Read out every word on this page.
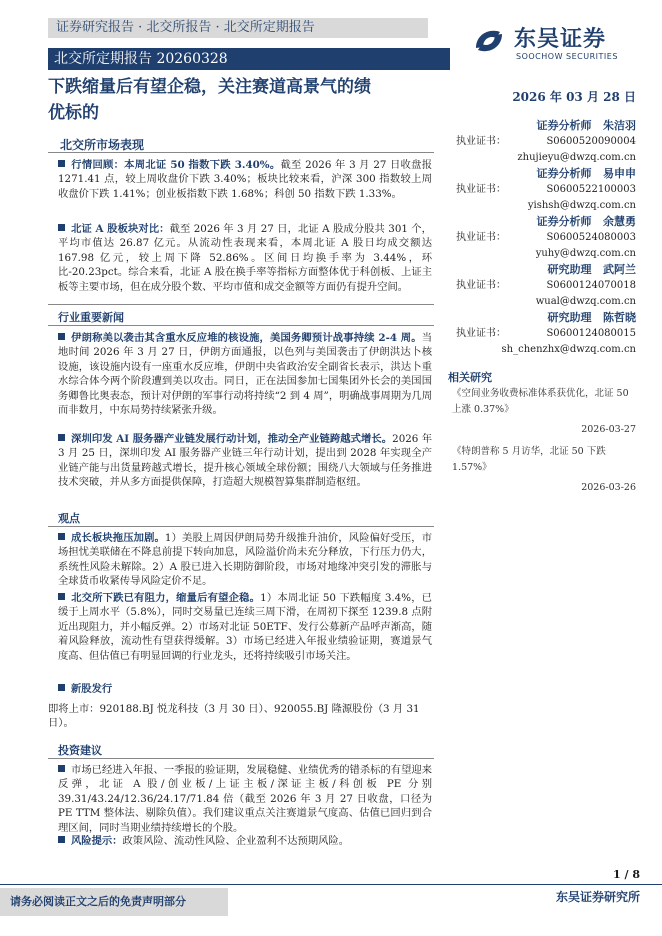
证券研究报告 · 北交所报告 · 北交所定期报告
北交所定期报告 20260328
东吴证券
SOOCHOW SECURITIES
下跌缩量后有望企稳，关注赛道高景气的绩
优标的
2026 年 03 月 28 日
北交所市场表现
行情回顾：本周北证 50 指数下跌 3.40%。截至 2026 年 3 月 27 日收盘报 1271.41 点，较上周收盘价下跌 3.40%；板块比较来看，沪深 300 指数较上周收盘价下跌 1.41%；创业板指数下跌 1.68%；科创 50 指数下跌 1.33%。
北证 A 股板块对比：截至 2026 年 3 月 27 日，北证 A 股成分股共 301 个，平均市值达 26.87 亿元。从流动性表现来看，本周北证 A 股日均成交额达 167.98 亿元，较上周下降 52.86%。区间日均换手率为 3.44%，环比-20.23pct。综合来看，北证 A 股在换手率等指标方面整体优于科创板、上证主板等主要市场，但在成分股个数、平均市值和成交金额等方面仍有提升空间。
行业重要新闻
伊朗称美以袭击其含重水反应堆的核设施，美国务卿预计战事持续 2-4 周。当地时间 2026 年 3 月 27 日，伊朗方面通报，以色列与美国袭击了伊朗洪达卜核设施，该设施内设有一座重水反应堆，伊朗中央省政治安全副省长表示，洪达卜重水综合体今两个阶段遭到美以攻击。同日，正在法国参加七国集团外长会的美国国务卿鲁比奥表态，预计对伊朗的军事行动将持续“2 到 4 周”，明确战事周期为几周而非数月，中东局势持续紧张升级。
深圳印发 AI 服务器产业链发展行动计划，推动全产业链跨越式增长。2026 年 3 月 25 日，深圳印发 AI 服务器产业链三年行动计划，提出到 2028 年实现全产业链产能与出货量跨越式增长，提升核心领域全球份额；围绕八大领域与任务推进技术突破，并从多方面提供保障，打造超大规模智算集群制造枢纽。
观点
成长板块拖压加剧。1）美股上周因伊朗局势升级推升油价，风险偏好受压，市场担忧美联储在不降息前提下转向加息，风险溢价尚未充分释放，下行压力仍大，系统性风险未解除。2）A 股已进入长期防御阶段，市场对地缘冲突引发的滞胀与全球货币收紧传导风险定价不足。
北交所下跌已有阻力，缩量后有望企稳。1）本周北证 50 下跌幅度 3.4%，已缓于上周水平（5.8%），同时交易量已连续三周下滑，在周初下探至 1239.8 点附近出现阻力，并小幅反弹。2）市场对北证 50ETF、发行公募新产品呼声渐高，随着风险释放，流动性有望获得缓解。3）市场已经进入年报业绩验证期，赛道景气度高、但估值已有明显回调的行业龙头，还将持续吸引市场关注。
新股发行
即将上市：920188.BJ 悦龙科技（3 月 30 日）、920055.BJ 隆源股份（3 月 31 日）。
投资建议
市场已经进入年报、一季报的验证期，发展稳健、业绩优秀的错杀标的有望迎来反弹，北证 A 股/创业板/上证主板/深证主板/科创板 PE 分别 39.31/43.24/12.36/24.17/71.84 倍（截至 2026 年 3 月 27 日收盘，口径为 PE TTM 整体法、剔除负值）。我们建议重点关注赛道景气度高、估值已回归到合理区间，同时当期业绩持续增长的个股。
风险提示：政策风险、流动性风险、企业盈利不达预期风险。
证券分析师 朱洁羽
执业证书：	S0600520090004
zhujieyu@dwzq.com.cn
证券分析师 易申申
执业证书：	S0600522100003
yishsh@dwzq.com.cn
证券分析师 余慧勇
执业证书：	S0600524080003
yuhy@dwzq.com.cn
研究助理 武阿兰
执业证书：	S0600124070018
wual@dwzq.com.cn
研究助理 陈哲晓
执业证书：	S0600124080015
sh_chenzhx@dwzq.com.cn
相关研究
《空间业务收费标准体系获优化，北证 50 上涨 0.37%》
2026-03-27
《特朗普称 5 月访华，北证 50 下跌 1.57%》
2026-03-26
1 / 8
请务必阅读正文之后的免责声明部分	东吴证券研究所
